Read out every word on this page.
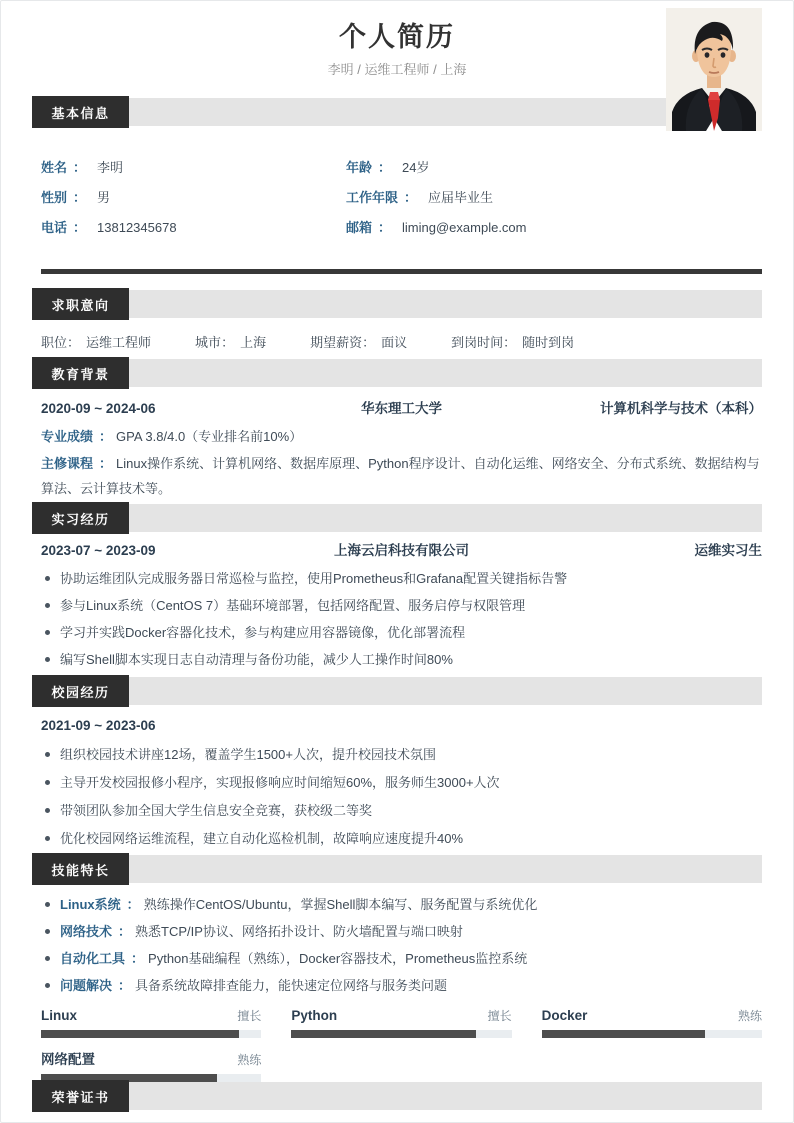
个人简历
李明 / 运维工程师 / 上海
基本信息
姓名 ： 李明	年龄 ： 24岁
性别 ： 男	工作年限 ： 应届毕业生
电话 ： 13812345678	邮箱 ： liming@example.com
求职意向
职位： 运维工程师	城市： 上海	期望薪资： 面议	到岗时间： 随时到岗
教育背景
2020-09 ~ 2024-06	华东理工大学	计算机科学与技术（本科）

专业成绩 ： GPA 3.8/4.0（专业排名前10%）

主修课程 ： Linux操作系统、计算机网络、数据库原理、Python程序设计、自动化运维、网络安全、分布式系统、数据结构与算法、云计算技术等。

实习经历
2023-07 ~ 2023-09	上海云启科技有限公司	运维实习生
协助运维团队完成服务器日常巡检与监控，使用Prometheus和Grafana配置关键指标告警
参与Linux系统（CentOS 7）基础环境部署，包括网络配置、服务启停与权限管理
学习并实践Docker容器化技术，参与构建应用容器镜像，优化部署流程
编写Shell脚本实现日志自动清理与备份功能，减少人工操作时间80%
校园经历
2021-09 ~ 2023-06
组织校园技术讲座12场，覆盖学生1500+人次，提升校园技术氛围
主导开发校园报修小程序，实现报修响应时间缩短60%，服务师生3000+人次
带领团队参加全国大学生信息安全竞赛，获校级二等奖
优化校园网络运维流程，建立自动化巡检机制，故障响应速度提升40%
技能特长
Linux系统 ： 熟练操作CentOS/Ubuntu，掌握Shell脚本编写、服务配置与系统优化
网络技术 ： 熟悉TCP/IP协议、网络拓扑设计、防火墙配置与端口映射
自动化工具 ： Python基础编程（熟练），Docker容器技术，Prometheus监控系统
问题解决 ： 具备系统故障排查能力，能快速定位网络与服务类问题
Linux	擅长 Python	擅长 Docker	熟练
网络配置	熟练
荣誉证书
